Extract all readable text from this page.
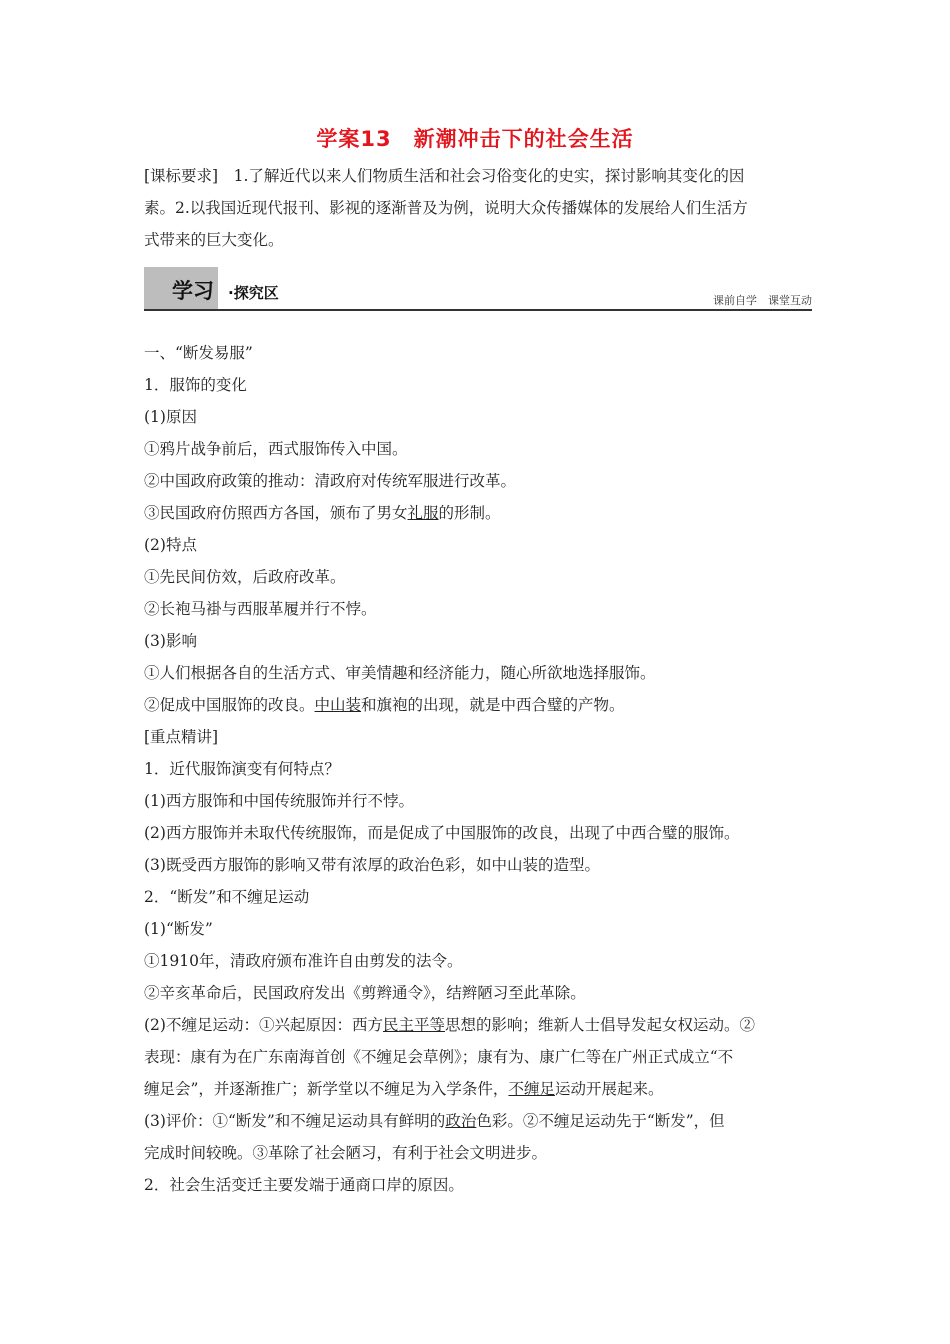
学案13　新潮冲击下的社会生活
[课标要求]　1.了解近代以来人们物质生活和社会习俗变化的史实，探讨影响其变化的因
素。2.以我国近现代报刊、影视的逐渐普及为例，说明大众传播媒体的发展给人们生活方
式带来的巨大变化。
学习 ·探究区	课前自学　课堂互动
一、“断发易服”
1．服饰的变化
(1)原因
①鸦片战争前后，西式服饰传入中国。
②中国政府政策的推动：清政府对传统军服进行改革。
③民国政府仿照西方各国，颁布了男女礼服的形制。
(2)特点
①先民间仿效，后政府改革。
②长袍马褂与西服革履并行不悖。
(3)影响
①人们根据各自的生活方式、审美情趣和经济能力，随心所欲地选择服饰。
②促成中国服饰的改良。中山装和旗袍的出现，就是中西合璧的产物。
[重点精讲]
1．近代服饰演变有何特点？
(1)西方服饰和中国传统服饰并行不悖。
(2)西方服饰并未取代传统服饰，而是促成了中国服饰的改良，出现了中西合璧的服饰。
(3)既受西方服饰的影响又带有浓厚的政治色彩，如中山装的造型。
2．“断发”和不缠足运动
(1)“断发”
①1910年，清政府颁布准许自由剪发的法令。
②辛亥革命后，民国政府发出《剪辫通令》，结辫陋习至此革除。
(2)不缠足运动：①兴起原因：西方民主平等思想的影响；维新人士倡导发起女权运动。②
表现：康有为在广东南海首创《不缠足会草例》；康有为、康广仁等在广州正式成立“不
缠足会”，并逐渐推广；新学堂以不缠足为入学条件，不缠足运动开展起来。
(3)评价：①“断发”和不缠足运动具有鲜明的政治色彩。②不缠足运动先于“断发”，但
完成时间较晚。③革除了社会陋习，有利于社会文明进步。
2．社会生活变迁主要发端于通商口岸的原因。
